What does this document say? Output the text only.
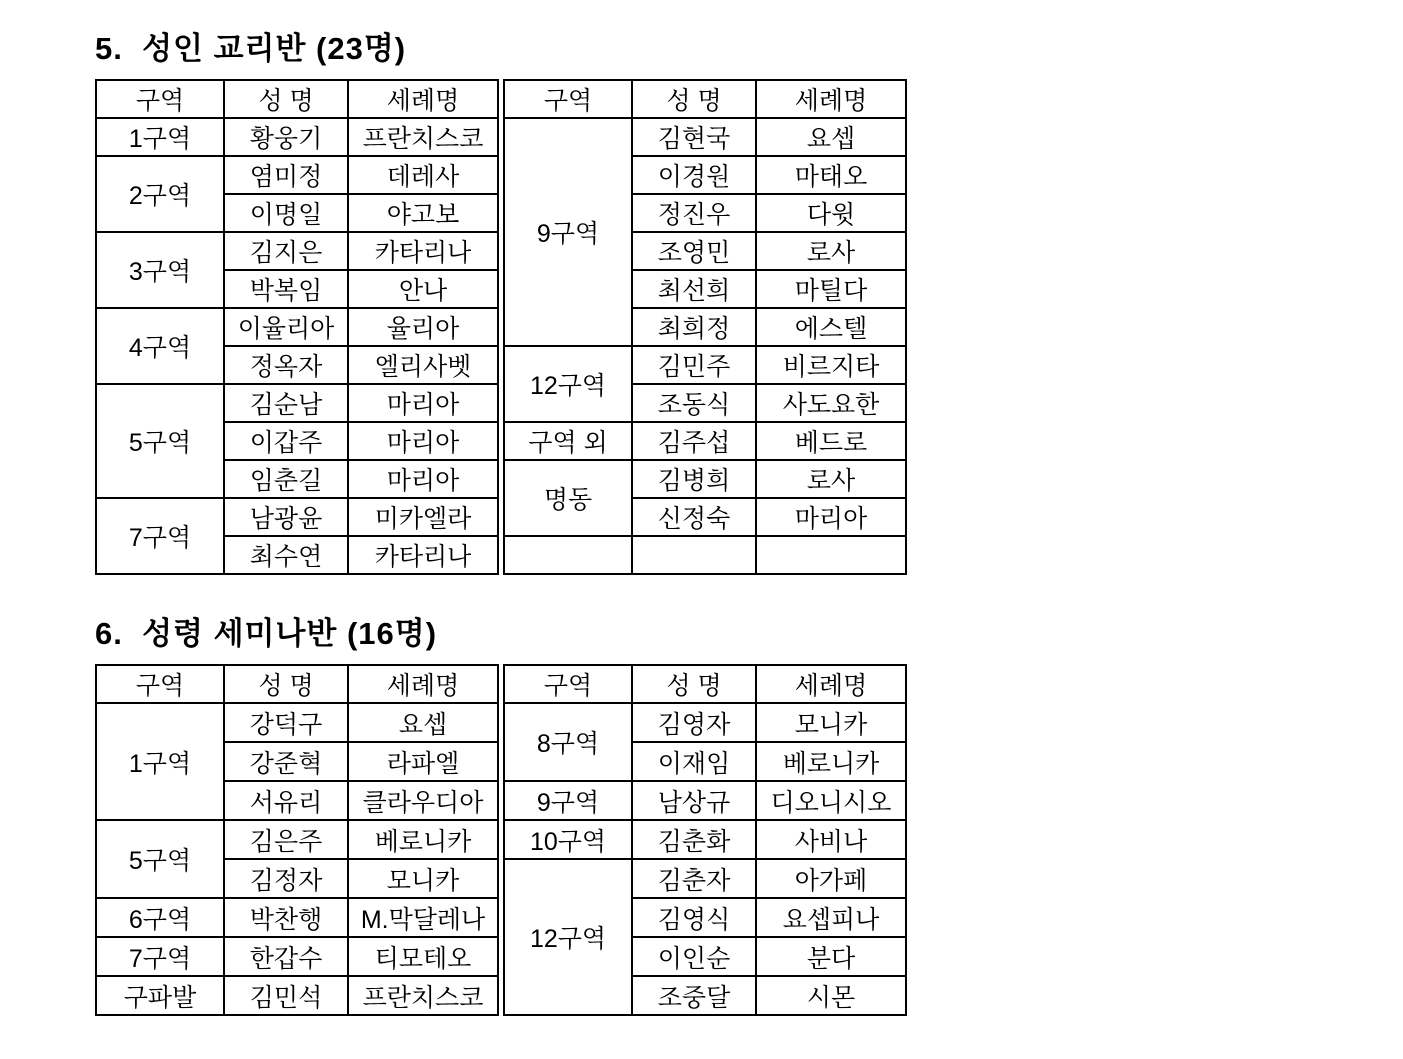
5.  성인 교리반 (23명)
구역	성 명	세례명
1구역	황웅기	프란치스코
2구역	염미정	데레사
	이명일	야고보
3구역	김지은	카타리나
	박복임	안나
4구역	이율리아	율리아
	정옥자	엘리사벳
5구역	김순남	마리아
	이갑주	마리아
	임춘길	마리아
7구역	남광윤	미카엘라
	최수연	카타리나
구역	성 명	세례명
9구역	김현국	요셉
	이경원	마태오
	정진우	다윗
	조영민	로사
	최선희	마틸다
	최희정	에스텔
12구역	김민주	비르지타
	조동식	사도요한
구역 외	김주섭	베드로
명동	김병희	로사
	신정숙	마리아

6.  성령 세미나반 (16명)
구역	성 명	세례명
1구역	강덕구	요셉
	강준혁	라파엘
	서유리	클라우디아
5구역	김은주	베로니카
	김정자	모니카
6구역	박찬행	M.막달레나
7구역	한갑수	티모테오
구파발	김민석	프란치스코
구역	성 명	세례명
8구역	김영자	모니카
	이재임	베로니카
9구역	남상규	디오니시오
10구역	김춘화	사비나
12구역	김춘자	아가페
	김영식	요셉피나
	이인순	분다
	조중달	시몬
